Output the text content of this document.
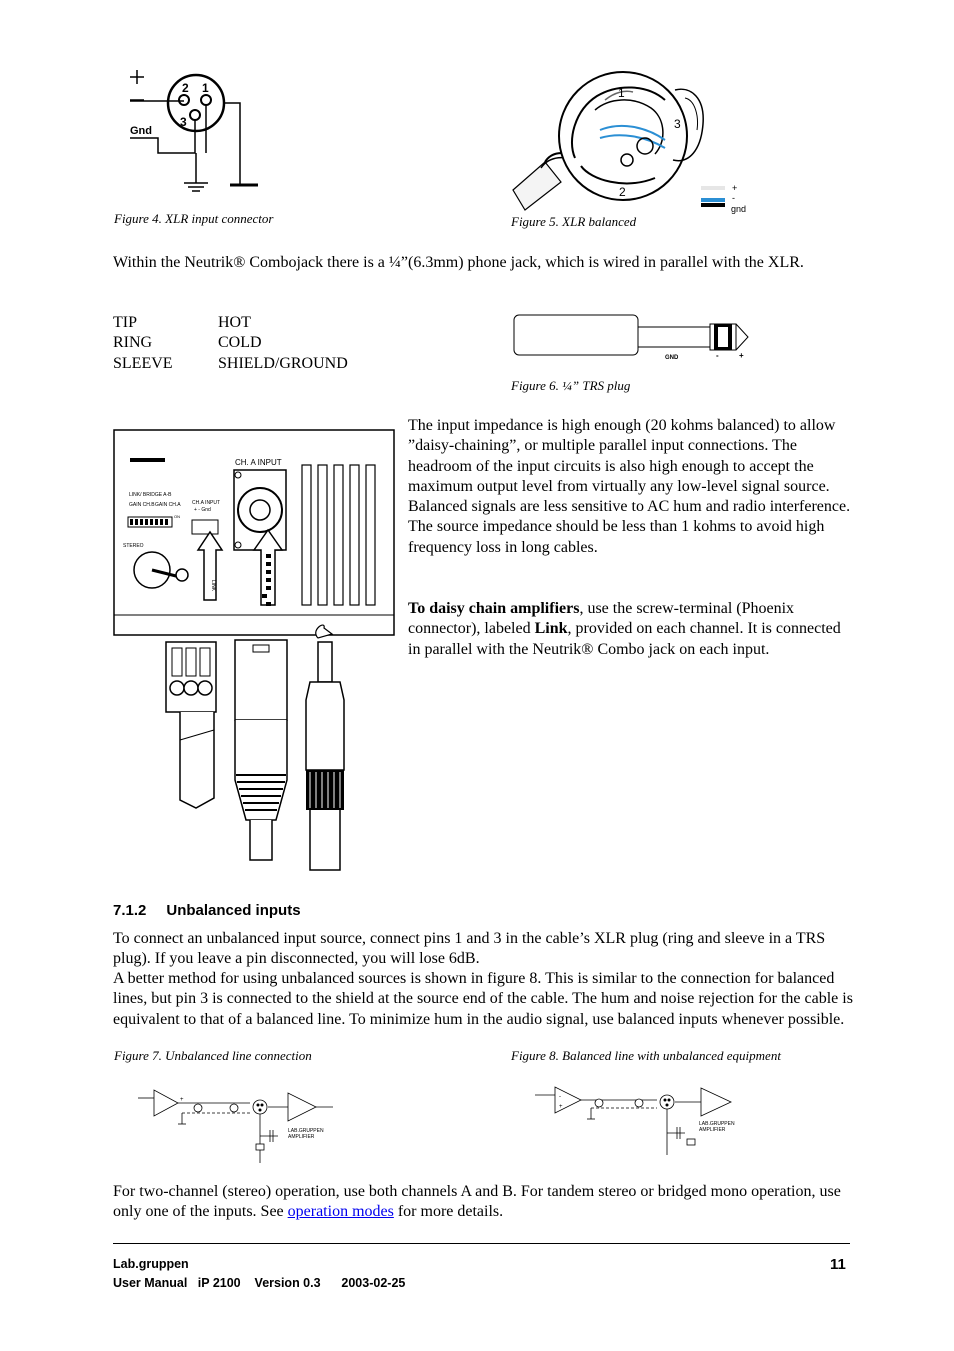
2 1
3
Gnd
Figure 4. XLR input connector
1
3
2	+
-
gnd
Figure 5. XLR balanced
Within the Neutrik® Combojack there is a ¼”(6.3mm) phone jack, which is wired in parallel with the XLR.
TIP	HOT
RING	COLD
SLEEVE	SHIELD/GROUND	GND	-	+
Figure 6. ¼” TRS plug
CH. A INPUT
LINK/ BRIDGE A-B
GAIN CH.B GAIN CH.A
ON
CH.A INPUT
+ - Gnd
STEREO
LINK
The input impedance is high enough (20 kohms balanced) to allow ”daisy-chaining”, or multiple parallel input connections. The headroom of the input circuits is also high enough to accept the maximum output level from virtually any low-level signal source. Balanced signals are less sensitive to AC hum and radio interference. The source impedance should be less than 1 kohms to avoid high frequency loss in long cables.
To daisy chain amplifiers, use the screw-terminal (Phoenix connector), labeled Link, provided on each channel. It is connected in parallel with the Neutrik® Combo jack on each input.
7.1.2 Unbalanced inputs
To connect an unbalanced input source, connect pins 1 and 3 in the cable’s XLR plug (ring and sleeve in a TRS plug). If you leave a pin disconnected, you will lose 6dB.
A better method for using unbalanced sources is shown in figure 8. This is similar to the connection for balanced lines, but pin 3 is connected to the shield at the source end of the cable. The hum and noise rejection for the cable is equivalent to that of a balanced line. To minimize hum in the audio signal, use balanced inputs whenever possible.
Figure 7. Unbalanced line connection	Figure 8. Balanced line with unbalanced equipment
+
LAB.GRUPPEN
AMPLIFIER
-
+
LAB.GRUPPEN
AMPLIFIER
For two-channel (stereo) operation, use both channels A and B. For tandem stereo or bridged mono operation, use only one of the inputs. See operation modes for more details.
Lab.gruppen
User Manual iP 2100 Version 0.3 2003-02-25
11
